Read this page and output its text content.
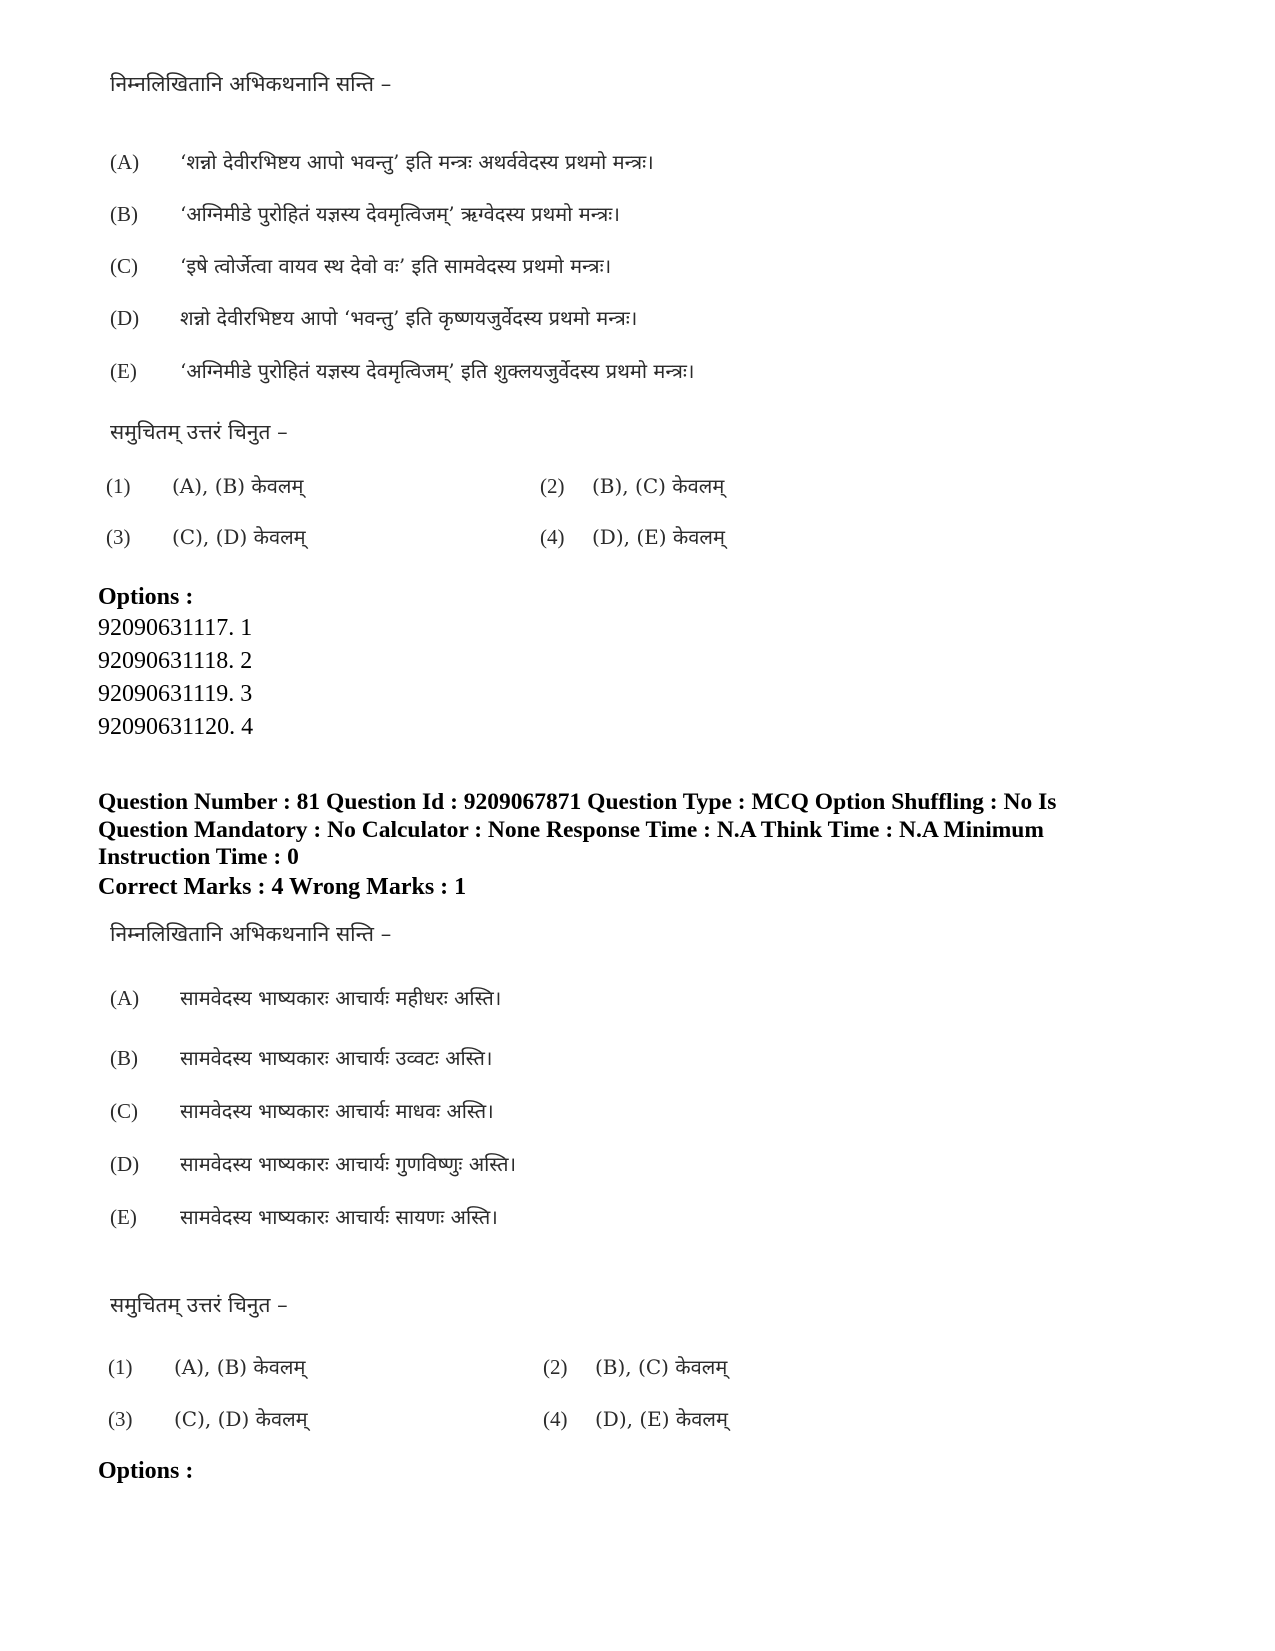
निम्नलिखितानि अभिकथनानि सन्ति –
(A) ‘शन्नो देवीरभिष्टय आपो भवन्तु’ इति मन्त्रः अथर्ववेदस्य प्रथमो मन्त्रः।
(B) ‘अग्निमीडे पुरोहितं यज्ञस्य देवमृत्विजम्’ ऋग्वेदस्य प्रथमो मन्त्रः।
(C) ‘इषे त्वोर्जेत्वा वायव स्थ देवो वः’ इति सामवेदस्य प्रथमो मन्त्रः।
(D) शन्नो देवीरभिष्टय आपो ‘भवन्तु’ इति कृष्णयजुर्वेदस्य प्रथमो मन्त्रः।
(E) ‘अग्निमीडे पुरोहितं यज्ञस्य देवमृत्विजम्’ इति शुक्लयजुर्वेदस्य प्रथमो मन्त्रः।
समुचितम् उत्तरं चिनुत –
(1) (A), (B) केवलम्	(2) (B), (C) केवलम्
(3) (C), (D) केवलम्	(4) (D), (E) केवलम्
Options :
92090631117. 1
92090631118. 2
92090631119. 3
92090631120. 4
Question Number : 81 Question Id : 9209067871 Question Type : MCQ Option Shuffling : No Is
Question Mandatory : No Calculator : None Response Time : N.A Think Time : N.A Minimum
Instruction Time : 0
Correct Marks : 4 Wrong Marks : 1
निम्नलिखितानि अभिकथनानि सन्ति –
(A) सामवेदस्य भाष्यकारः आचार्यः महीधरः अस्ति।
(B) सामवेदस्य भाष्यकारः आचार्यः उव्वटः अस्ति।
(C) सामवेदस्य भाष्यकारः आचार्यः माधवः अस्ति।
(D) सामवेदस्य भाष्यकारः आचार्यः गुणविष्णुः अस्ति।
(E) सामवेदस्य भाष्यकारः आचार्यः सायणः अस्ति।
समुचितम् उत्तरं चिनुत –
(1) (A), (B) केवलम्	(2) (B), (C) केवलम्
(3) (C), (D) केवलम्	(4) (D), (E) केवलम्
Options :
